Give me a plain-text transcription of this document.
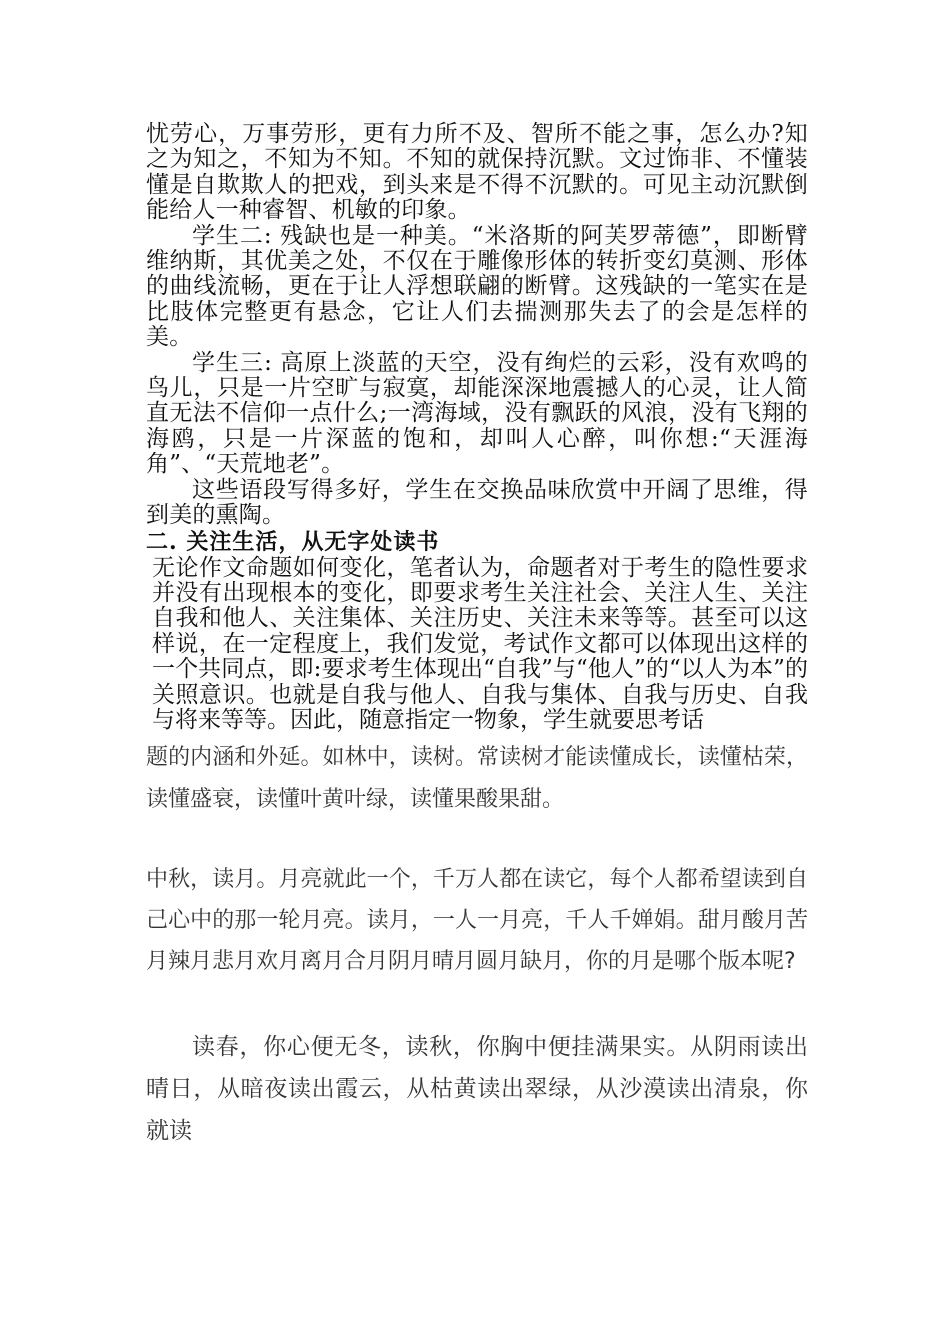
忧劳心，万事劳形，更有力所不及、智所不能之事，怎么办?知之为知之，不知为不知。不知的就保持沉默。文过饰非、不懂装懂是自欺欺人的把戏，到头来是不得不沉默的。可见主动沉默倒能给人一种睿智、机敏的印象。

学生二: 残缺也是一种美。“米洛斯的阿芙罗蒂德”，即断臂维纳斯，其优美之处，不仅在于雕像形体的转折变幻莫测、形体的曲线流畅，更在于让人浮想联翩的断臂。这残缺的一笔实在是比肢体完整更有悬念，它让人们去揣测那失去了的会是怎样的美。

学生三: 高原上淡蓝的天空，没有绚烂的云彩，没有欢鸣的鸟儿，只是一片空旷与寂寞，却能深深地震撼人的心灵，让人简直无法不信仰一点什么;一湾海域，没有飘跃的风浪，没有飞翔的海鸥，只是一片深蓝的饱和，却叫人心醉，叫你想:“天涯海角”、“天荒地老”。

这些语段写得多好，学生在交换品味欣赏中开阔了思维，得到美的熏陶。

二. 关注生活，从无字处读书

无论作文命题如何变化，笔者认为，命题者对于考生的隐性要求并没有出现根本的变化，即要求考生关注社会、关注人生、关注自我和他人、关注集体、关注历史、关注未来等等。甚至可以这样说，在一定程度上，我们发觉，考试作文都可以体现出这样的一个共同点，即:要求考生体现出“自我”与“他人”的“以人为本”的关照意识。也就是自我与他人、自我与集体、自我与历史、自我与将来等等。因此，随意指定一物象，学生就要思考话

题的内涵和外延。如林中，读树。常读树才能读懂成长，读懂枯荣，读懂盛衰，读懂叶黄叶绿，读懂果酸果甜。

中秋，读月。月亮就此一个，千万人都在读它，每个人都希望读到自己心中的那一轮月亮。读月，一人一月亮，千人千婵娟。甜月酸月苦月辣月悲月欢月离月合月阴月晴月圆月缺月，你的月是哪个版本呢?

读春，你心便无冬，读秋，你胸中便挂满果实。从阴雨读出晴日，从暗夜读出霞云，从枯黄读出翠绿，从沙漠读出清泉，你就读
